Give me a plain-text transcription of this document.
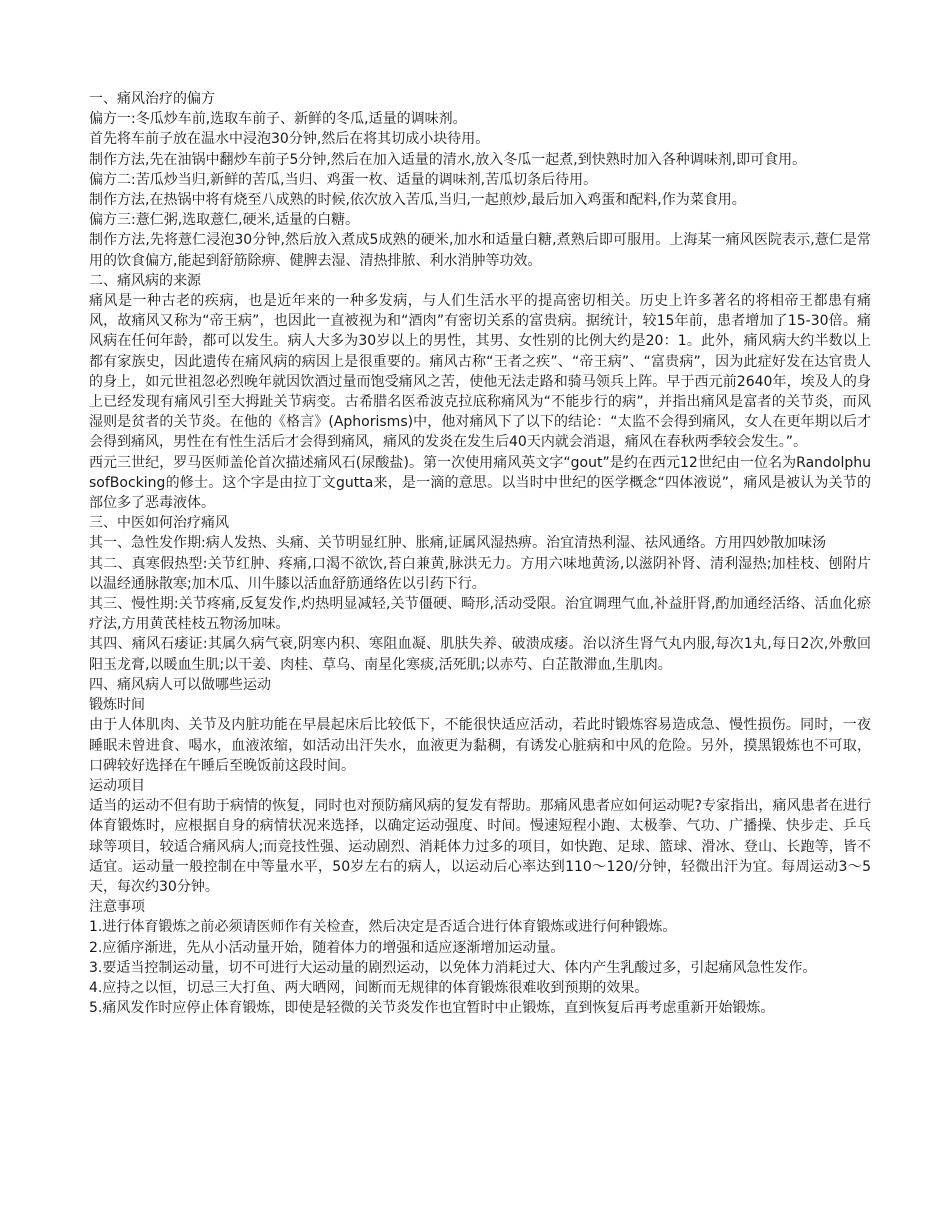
一、痛风治疗的偏方

偏方一:冬瓜炒车前,选取车前子、新鲜的冬瓜,适量的调味剂。

首先将车前子放在温水中浸泡30分钟,然后在将其切成小块待用。

制作方法,先在油锅中翻炒车前子5分钟,然后在加入适量的清水,放入冬瓜一起煮,到快熟时加入各种调味剂,即可食用。

偏方二:苦瓜炒当归,新鲜的苦瓜,当归、鸡蛋一枚、适量的调味剂,苦瓜切条后待用。

制作方法,在热锅中将有烧至八成熟的时候,依次放入苦瓜,当归,一起煎炒,最后加入鸡蛋和配料,作为菜食用。

偏方三:薏仁粥,选取薏仁,硬米,适量的白糖。

制作方法,先将薏仁浸泡30分钟,然后放入煮成5成熟的硬米,加水和适量白糖,煮熟后即可服用。上海某一痛风医院表示,薏仁是常用的饮食偏方,能起到舒筋除痹、健脾去湿、清热排脓、利水消肿等功效。

二、痛风病的来源

痛风是一种古老的疾病，也是近年来的一种多发病，与人们生活水平的提高密切相关。历史上许多著名的将相帝王都患有痛风，故痛风又称为“帝王病”，也因此一直被视为和“酒肉”有密切关系的富贵病。据统计，较15年前，患者增加了15-30倍。痛风病在任何年龄，都可以发生。病人大多为30岁以上的男性，其男、女性别的比例大约是20：1。此外，痛风病大约半数以上都有家族史，因此遗传在痛风病的病因上是很重要的。痛风古称“王者之疾”、“帝王病”、“富贵病”，因为此症好发在达官贵人的身上，如元世祖忽必烈晚年就因饮酒过量而饱受痛风之苦，使他无法走路和骑马领兵上阵。早于西元前2640年，埃及人的身上已经发现有痛风引至大拇趾关节病变。古希腊名医希波克拉底称痛风为“不能步行的病”，并指出痛风是富者的关节炎，而风湿则是贫者的关节炎。在他的《格言》(Aphorisms)中，他对痛风下了以下的结论：“太监不会得到痛风，女人在更年期以后才会得到痛风，男性在有性生活后才会得到痛风，痛风的发炎在发生后40天内就会消退，痛风在春秋两季较会发生。”。

西元三世纪，罗马医师盖伦首次描述痛风石(尿酸盐)。第一次使用痛风英文字“gout”是约在西元12世纪由一位名为RandolphusofBocking的修士。这个字是由拉丁文gutta来，是一滴的意思。以当时中世纪的医学概念“四体液说”，痛风是被认为关节的部位多了恶毒液体。

三、中医如何治疗痛风

其一、急性发作期:病人发热、头痛、关节明显红肿、胀痛,证属风湿热痹。治宜清热利湿、祛风通络。方用四妙散加味汤

其二、真寒假热型:关节红肿、疼痛,口渴不欲饮,苔白兼黄,脉洪无力。方用六味地黄汤,以滋阴补肾、清利湿热;加桂枝、刨附片以温经通脉散寒;加木瓜、川牛膝以活血舒筋通络佐以引药下行。

其三、慢性期:关节疼痛,反复发作,灼热明显减轻,关节僵硬、畸形,活动受限。治宜调理气血,补益肝肾,酌加通经活络、活血化瘀疗法,方用黄芪桂枝五物汤加味。

其四、痛风石痿证:其属久病气衰,阴寒内积、寒阻血凝、肌肤失养、破溃成痿。治以济生肾气丸内服,每次1丸,每日2次,外敷回阳玉龙膏,以暖血生肌;以干姜、肉桂、草乌、南星化寒痰,活死肌;以赤芍、白芷散滞血,生肌肉。

四、痛风病人可以做哪些运动

锻炼时间

由于人体肌肉、关节及内脏功能在早晨起床后比较低下，不能很快适应活动，若此时锻炼容易造成急、慢性损伤。同时，一夜睡眠未曾进食、喝水，血液浓缩，如活动出汗失水，血液更为黏稠，有诱发心脏病和中风的危险。另外，摸黑锻炼也不可取，口碑较好选择在午睡后至晚饭前这段时间。

运动项目

适当的运动不但有助于病情的恢复，同时也对预防痛风病的复发有帮助。那痛风患者应如何运动呢?专家指出，痛风患者在进行体育锻炼时，应根据自身的病情状况来选择，以确定运动强度、时间。慢速短程小跑、太极拳、气功、广播操、快步走、乒乓球等项目，较适合痛风病人;而竞技性强、运动剧烈、消耗体力过多的项目，如快跑、足球、篮球、滑冰、登山、长跑等，皆不适宜。运动量一般控制在中等量水平，50岁左右的病人，以运动后心率达到110～120/分钟，轻微出汗为宜。每周运动3～5天，每次约30分钟。

注意事项

1.进行体育锻炼之前必须请医师作有关检查，然后决定是否适合进行体育锻炼或进行何种锻炼。

2.应循序渐进，先从小活动量开始，随着体力的增强和适应逐渐增加运动量。

3.要适当控制运动量，切不可进行大运动量的剧烈运动，以免体力消耗过大、体内产生乳酸过多，引起痛风急性发作。

4.应持之以恒，切忌三大打鱼、两大晒网，间断而无规律的体育锻炼很难收到预期的效果。

5.痛风发作时应停止体育锻炼，即使是轻微的关节炎发作也宜暂时中止锻炼，直到恢复后再考虑重新开始锻炼。
